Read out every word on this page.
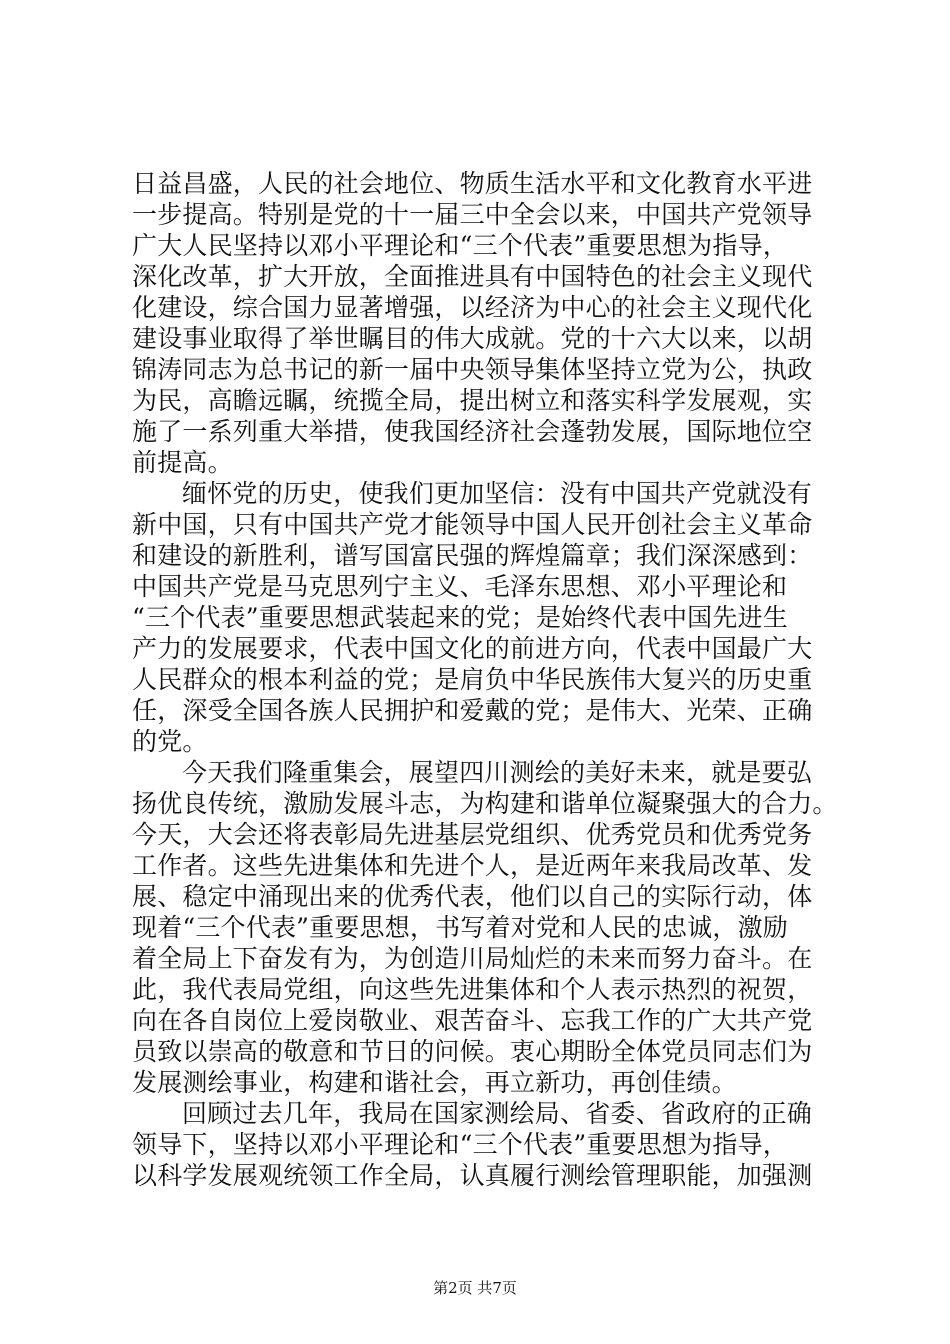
日益昌盛，人民的社会地位、物质生活水平和文化教育水平进
一步提高。特别是党的十一届三中全会以来，中国共产党领导
广大人民坚持以邓小平理论和“三个代表”重要思想为指导，
深化改革，扩大开放，全面推进具有中国特色的社会主义现代
化建设，综合国力显著增强，以经济为中心的社会主义现代化
建设事业取得了举世瞩目的伟大成就。党的十六大以来，以胡
锦涛同志为总书记的新一届中央领导集体坚持立党为公，执政
为民，高瞻远瞩，统揽全局，提出树立和落实科学发展观，实
施了一系列重大举措，使我国经济社会蓬勃发展，国际地位空
前提高。
缅怀党的历史，使我们更加坚信：没有中国共产党就没有
新中国，只有中国共产党才能领导中国人民开创社会主义革命
和建设的新胜利，谱写国富民强的辉煌篇章；我们深深感到：
中国共产党是马克思列宁主义、毛泽东思想、邓小平理论和
“三个代表”重要思想武装起来的党；是始终代表中国先进生
产力的发展要求，代表中国文化的前进方向，代表中国最广大
人民群众的根本利益的党；是肩负中华民族伟大复兴的历史重
任，深受全国各族人民拥护和爱戴的党；是伟大、光荣、正确
的党。
今天我们隆重集会，展望四川测绘的美好未来，就是要弘
扬优良传统，激励发展斗志，为构建和谐单位凝聚强大的合力。
今天，大会还将表彰局先进基层党组织、优秀党员和优秀党务
工作者。这些先进集体和先进个人，是近两年来我局改革、发
展、稳定中涌现出来的优秀代表，他们以自己的实际行动，体
现着“三个代表”重要思想，书写着对党和人民的忠诚，激励
着全局上下奋发有为，为创造川局灿烂的未来而努力奋斗。在
此，我代表局党组，向这些先进集体和个人表示热烈的祝贺，
向在各自岗位上爱岗敬业、艰苦奋斗、忘我工作的广大共产党
员致以崇高的敬意和节日的问候。衷心期盼全体党员同志们为
发展测绘事业，构建和谐社会，再立新功，再创佳绩。
回顾过去几年，我局在国家测绘局、省委、省政府的正确
领导下，坚持以邓小平理论和“三个代表”重要思想为指导，
以科学发展观统领工作全局，认真履行测绘管理职能，加强测
第2页 共7页
